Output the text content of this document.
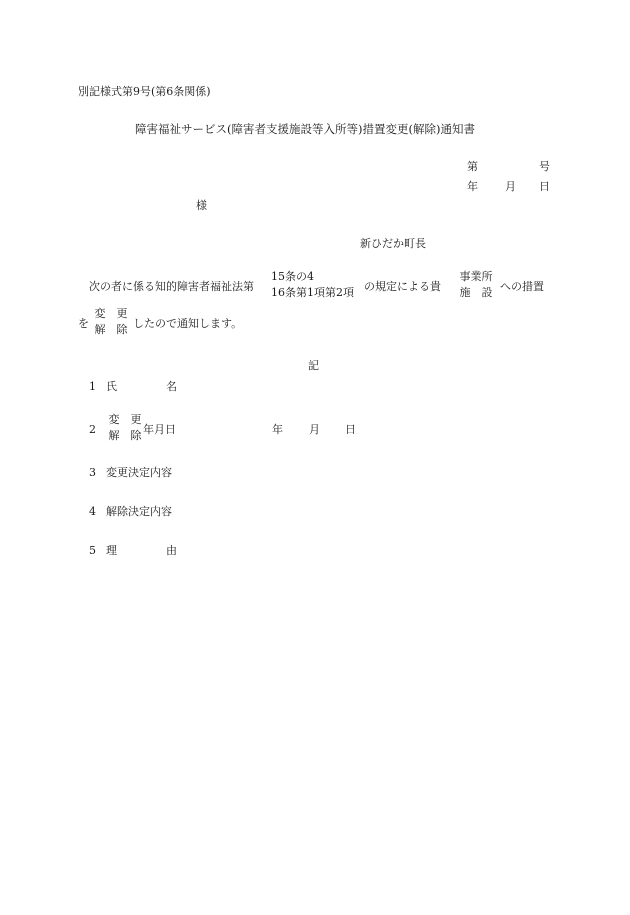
別記様式第9号(第6条関係)
障害福祉サービス(障害者支援施設等入所等)措置変更(解除)通知書
第	号
年 月 日
様
新ひだか町長
次の者に係る知的障害者福祉法第
15条の4
16条第1項第2項 の規定による貴
事業所
施　設 への措置
を
変　更
解　除 したので通知します。
記
1 氏	名
2
変　更
解　除 年月日	年 月 日
3 変更決定内容
4 解除決定内容
5 理	由
